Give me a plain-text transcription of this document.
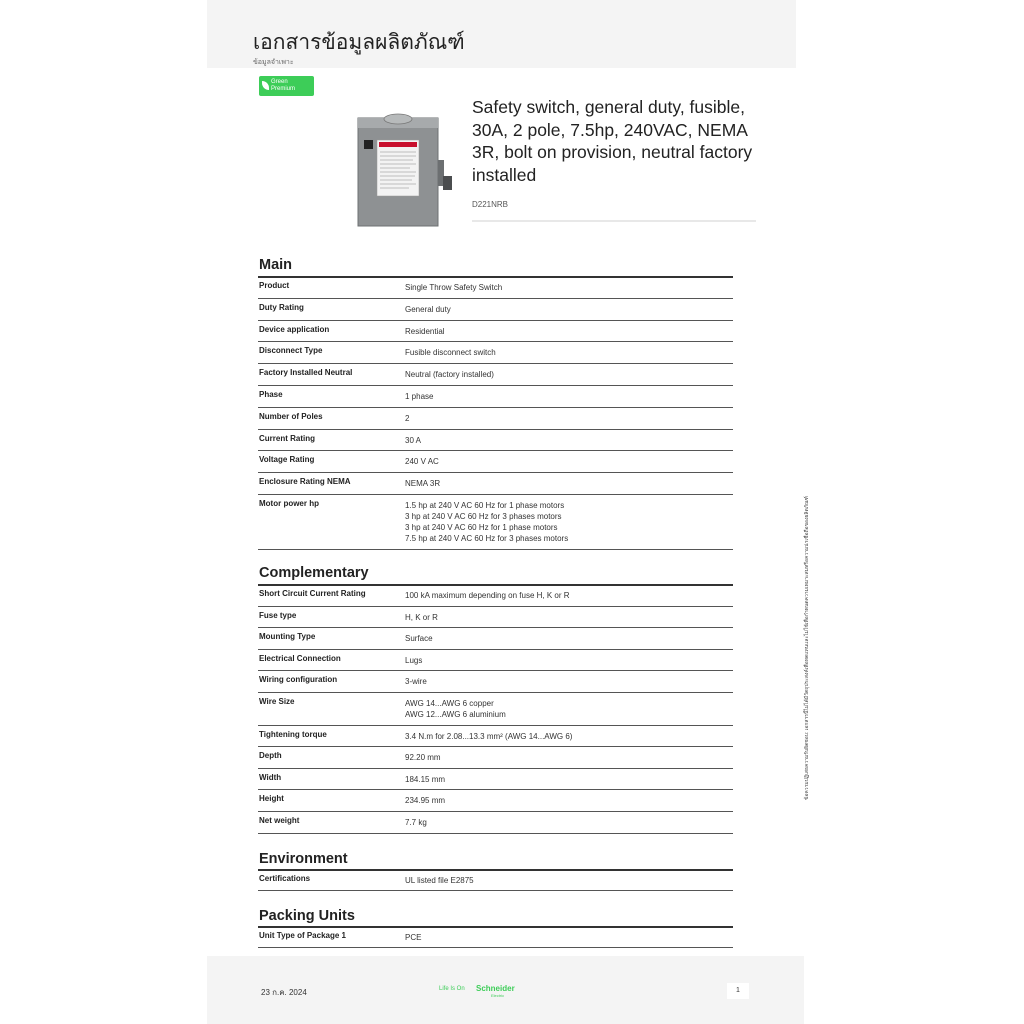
เอกสารข้อมูลผลิตภัณฑ์
ข้อมูลจำเพาะ
Green
Premium
Safety switch, general duty, fusible, 30A, 2 pole, 7.5hp, 240VAC, NEMA 3R, bolt on provision, neutral factory installed
D221NRB
Main
Product	Single Throw Safety Switch
Duty Rating	General duty
Device application	Residential
Disconnect Type	Fusible disconnect switch
Factory Installed Neutral	Neutral (factory installed)
Phase	1 phase
Number of Poles	2
Current Rating	30 A
Voltage Rating	240 V AC
Enclosure Rating NEMA	NEMA 3R
Motor power hp	1.5 hp at 240 V AC 60 Hz for 1 phase motors
3 hp at 240 V AC 60 Hz for 3 phases motors
3 hp at 240 V AC 60 Hz for 1 phase motors
7.5 hp at 240 V AC 60 Hz for 3 phases motors
Complementary
Short Circuit Current Rating	100 kA maximum depending on fuse H, K or R
Fuse type	H, K or R
Mounting Type	Surface
Electrical Connection	Lugs
Wiring configuration	3-wire
Wire Size	AWG 14...AWG 6 copper
AWG 12...AWG 6 aluminium
Tightening torque	3.4 N.m for 2.08...13.3 mm² (AWG 14...AWG 6)
Depth	92.20 mm
Width	184.15 mm
Height	234.95 mm
Net weight	7.7 kg
Environment
Certifications	UL listed file E2875
Packing Units
Unit Type of Package 1	PCE
ข้อความปฏิเสธความรับผิดชอบ: เอกสารนี้ไม่ได้มีวัตถุประสงค์เพื่อทดแทนและไม่ใช้เพื่อกำหนดความเหมาะสมหรือความน่าเชื่อถือของผลิตภัณฑ์
23 ก.ค. 2024	Life Is On Schneider
Electric
1
